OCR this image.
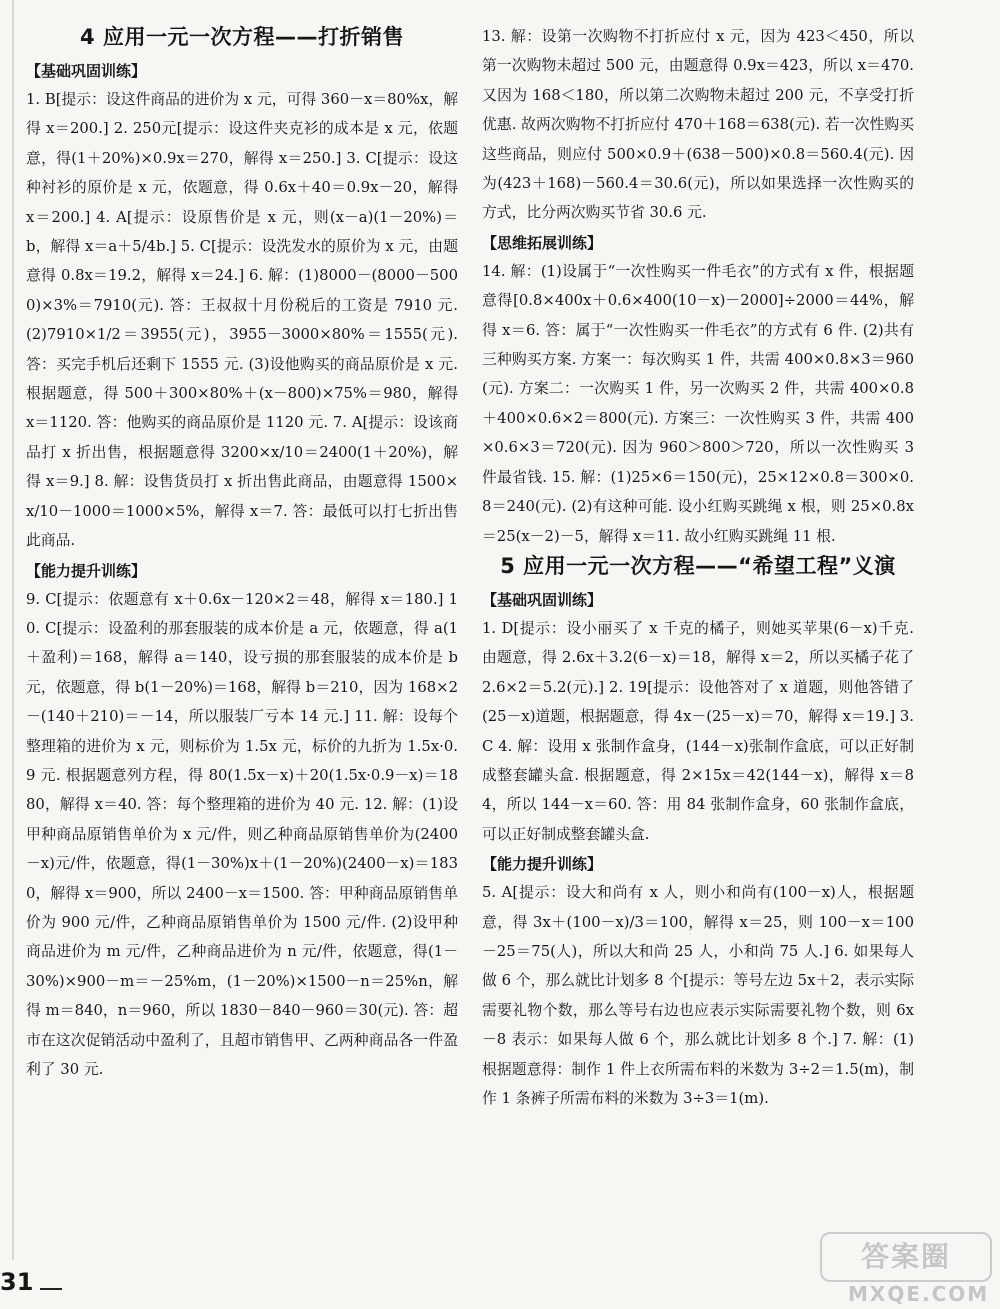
4 应用一元一次方程——打折销售
【基础巩固训练】

1. B[提示：设这件商品的进价为 x 元，可得 360－x＝80%x，解得 x＝200.] 2. 250元[提示：设这件夹克衫的成本是 x 元，依题意，得(1＋20%)×0.9x＝270，解得 x＝250.] 3. C[提示：设这种衬衫的原价是 x 元，依题意，得 0.6x＋40＝0.9x－20，解得 x＝200.] 4. A[提示：设原售价是 x 元，则(x－a)(1－20%)＝b，解得 x＝a＋5/4b.] 5. C[提示：设洗发水的原价为 x 元，由题意得 0.8x＝19.2，解得 x＝24.] 6. 解：(1)8000－(8000－5000)×3%＝7910(元). 答：王叔叔十月份税后的工资是 7910 元. (2)7910×1/2＝3955(元)，3955－3000×80%＝1555(元). 答：买完手机后还剩下 1555 元. (3)设他购买的商品原价是 x 元. 根据题意，得 500＋300×80%＋(x－800)×75%＝980，解得 x＝1120. 答：他购买的商品原价是 1120 元. 7. A[提示：设该商品打 x 折出售，根据题意得 3200×x/10＝2400(1＋20%)，解得 x＝9.] 8. 解：设售货员打 x 折出售此商品，由题意得 1500×x/10－1000＝1000×5%，解得 x＝7. 答：最低可以打七折出售此商品.

【能力提升训练】

9. C[提示：依题意有 x＋0.6x－120×2＝48，解得 x＝180.] 10. C[提示：设盈利的那套服装的成本价是 a 元，依题意，得 a(1＋盈利)＝168，解得 a＝140，设亏损的那套服装的成本价是 b 元，依题意，得 b(1－20%)＝168，解得 b＝210，因为 168×2－(140＋210)＝－14，所以服装厂亏本 14 元.] 11. 解：设每个整理箱的进价为 x 元，则标价为 1.5x 元，标价的九折为 1.5x·0.9 元. 根据题意列方程，得 80(1.5x－x)＋20(1.5x·0.9－x)＝1880，解得 x＝40. 答：每个整理箱的进价为 40 元. 12. 解：(1)设甲种商品原销售单价为 x 元/件，则乙种商品原销售单价为(2400－x)元/件，依题意，得(1－30%)x＋(1－20%)(2400－x)＝1830，解得 x＝900，所以 2400－x＝1500. 答：甲种商品原销售单价为 900 元/件，乙种商品原销售单价为 1500 元/件. (2)设甲种商品进价为 m 元/件，乙种商品进价为 n 元/件，依题意，得(1－30%)×900－m＝－25%m，(1－20%)×1500－n＝25%n，解得 m＝840，n＝960，所以 1830－840－960＝30(元). 答：超市在这次促销活动中盈利了，且超市销售甲、乙两种商品各一件盈利了 30 元.

13. 解：设第一次购物不打折应付 x 元，因为 423＜450，所以第一次购物未超过 500 元，由题意得 0.9x＝423，所以 x＝470. 又因为 168＜180，所以第二次购物未超过 200 元，不享受打折优惠. 故两次购物不打折应付 470＋168＝638(元). 若一次性购买这些商品，则应付 500×0.9＋(638－500)×0.8＝560.4(元). 因为(423＋168)－560.4＝30.6(元)，所以如果选择一次性购买的方式，比分两次购买节省 30.6 元.

【思维拓展训练】

14. 解：(1)设属于“一次性购买一件毛衣”的方式有 x 件，根据题意得[0.8×400x＋0.6×400(10－x)－2000]÷2000＝44%，解得 x＝6. 答：属于“一次性购买一件毛衣”的方式有 6 件. (2)共有三种购买方案. 方案一：每次购买 1 件，共需 400×0.8×3＝960(元). 方案二：一次购买 1 件，另一次购买 2 件，共需 400×0.8＋400×0.6×2＝800(元). 方案三：一次性购买 3 件，共需 400×0.6×3＝720(元). 因为 960＞800＞720，所以一次性购买 3 件最省钱. 15. 解：(1)25×6＝150(元)，25×12×0.8＝300×0.8＝240(元). (2)有这种可能. 设小红购买跳绳 x 根，则 25×0.8x＝25(x－2)－5，解得 x＝11. 故小红购买跳绳 11 根.

5 应用一元一次方程——“希望工程”义演
【基础巩固训练】

1. D[提示：设小丽买了 x 千克的橘子，则她买苹果(6－x)千克. 由题意，得 2.6x＋3.2(6－x)＝18，解得 x＝2，所以买橘子花了 2.6×2＝5.2(元).] 2. 19[提示：设他答对了 x 道题，则他答错了(25－x)道题，根据题意，得 4x－(25－x)＝70，解得 x＝19.] 3. C 4. 解：设用 x 张制作盒身，(144－x)张制作盒底，可以正好制成整套罐头盒. 根据题意，得 2×15x＝42(144－x)，解得 x＝84，所以 144－x＝60. 答：用 84 张制作盒身，60 张制作盒底，可以正好制成整套罐头盒.

【能力提升训练】

5. A[提示：设大和尚有 x 人，则小和尚有(100－x)人，根据题意，得 3x＋(100－x)/3＝100，解得 x＝25，则 100－x＝100－25＝75(人)，所以大和尚 25 人，小和尚 75 人.] 6. 如果每人做 6 个，那么就比计划多 8 个[提示：等号左边 5x＋2，表示实际需要礼物个数，那么等号右边也应表示实际需要礼物个数，则 6x－8 表示：如果每人做 6 个，那么就比计划多 8 个.] 7. 解：(1)根据题意得：制作 1 件上衣所需布料的米数为 3÷2＝1.5(m)，制作 1 条裤子所需布料的米数为 3÷3＝1(m).

31
答案圈
MXQE.COM
